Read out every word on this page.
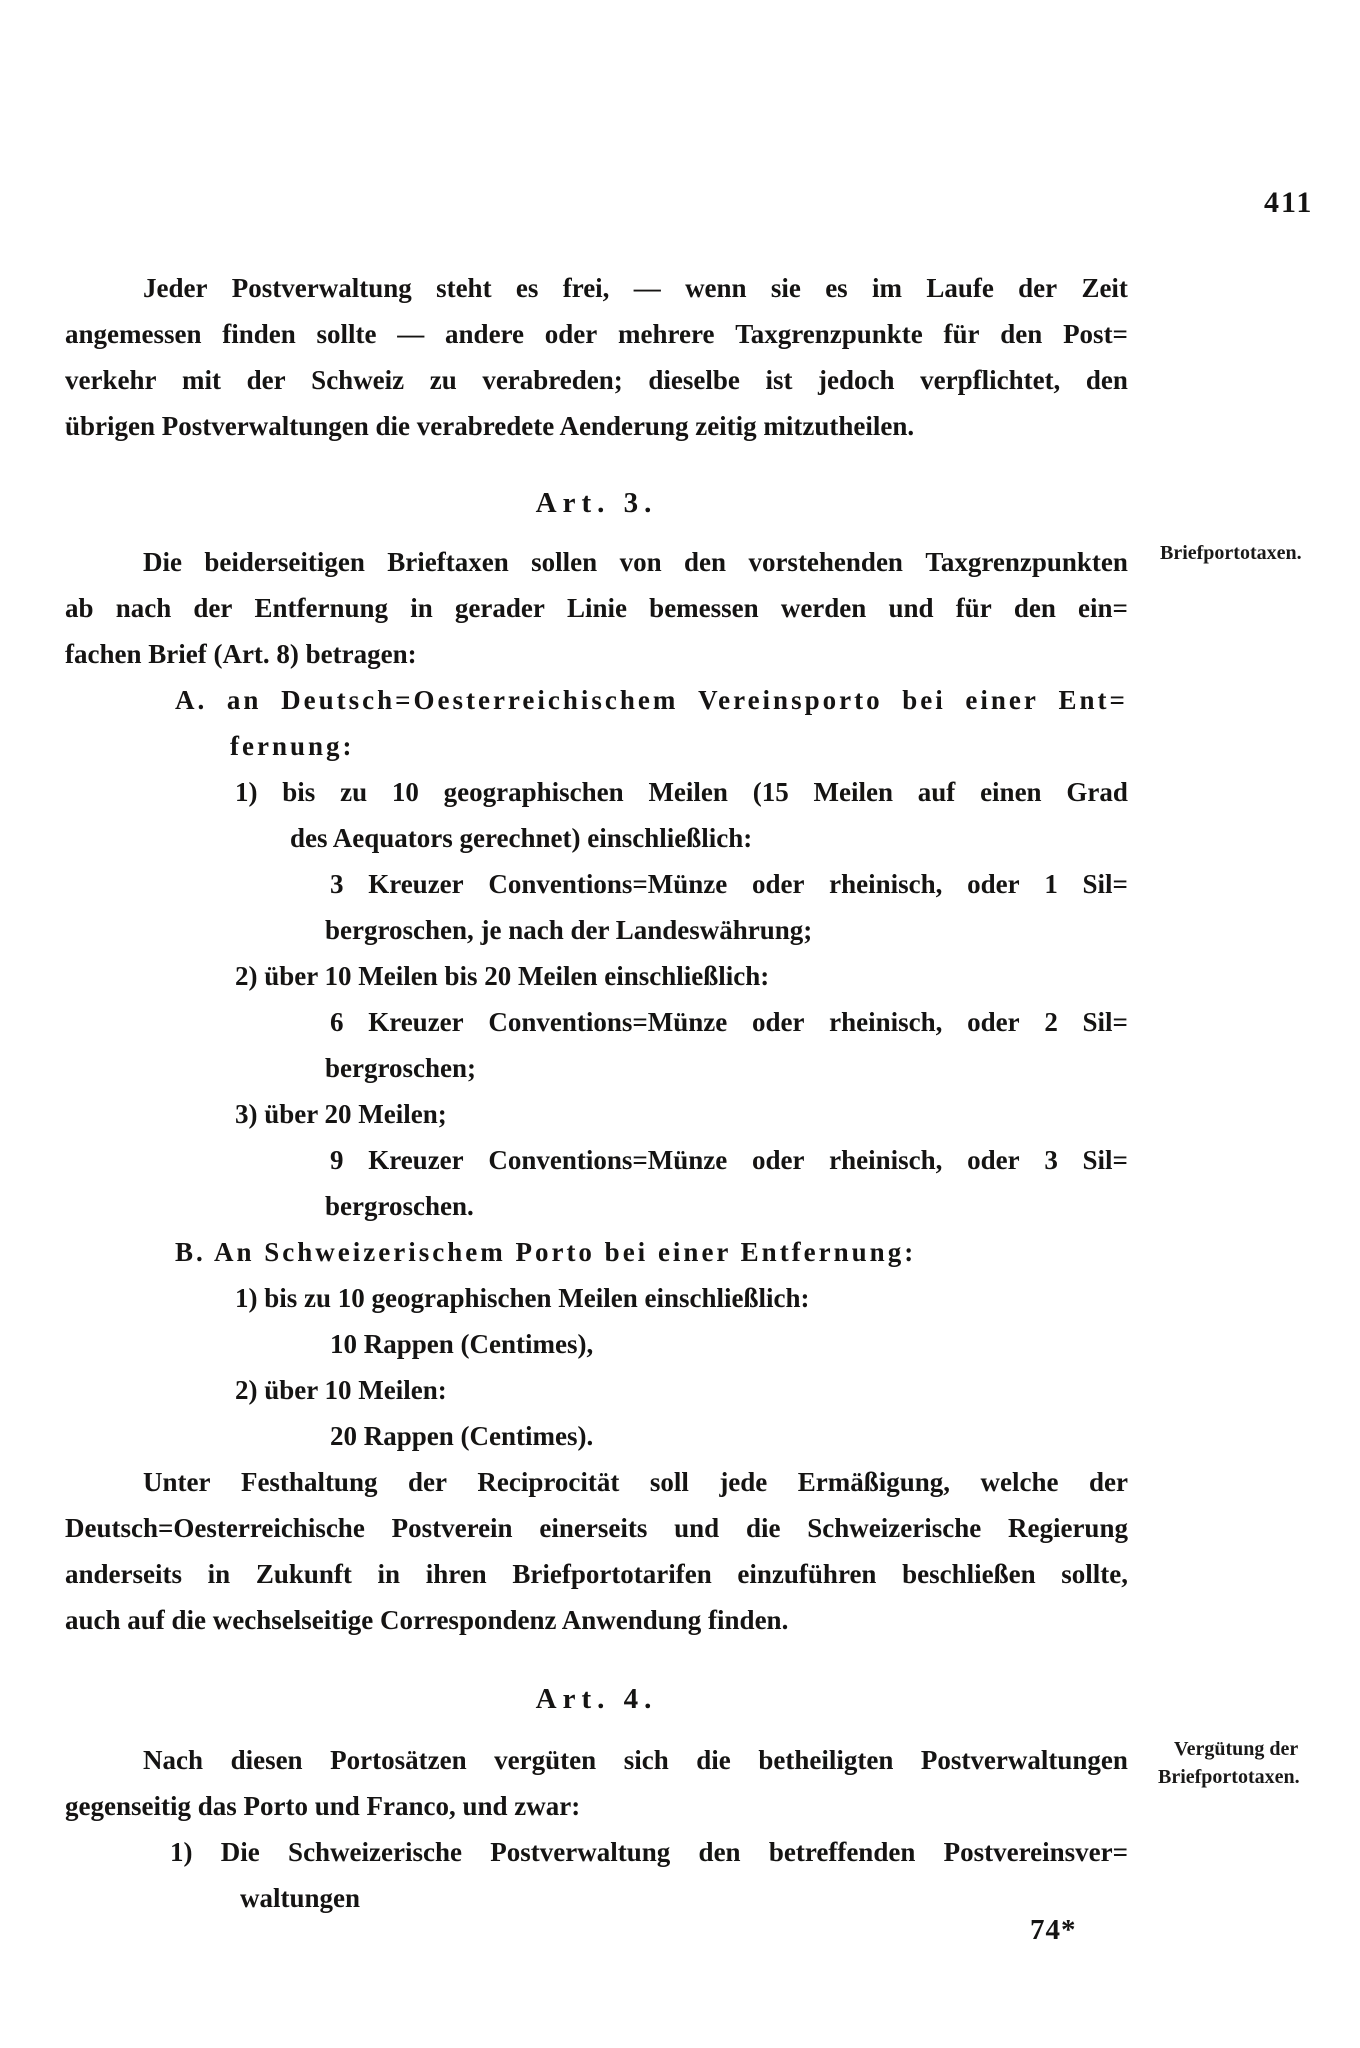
411
Briefportotaxen.
Vergütung der
Briefportotaxen.
74*
Jeder Postverwaltung steht es frei, — wenn sie es im Laufe der Zeit
angemessen finden sollte — andere oder mehrere Taxgrenzpunkte für den Post=
verkehr mit der Schweiz zu verabreden; dieselbe ist jedoch verpflichtet, den
übrigen Postverwaltungen die verabredete Aenderung zeitig mitzutheilen.
Art. 3.
Die beiderseitigen Brieftaxen sollen von den vorstehenden Taxgrenzpunkten
ab nach der Entfernung in gerader Linie bemessen werden und für den ein=
fachen Brief (Art. 8) betragen:
A. an Deutsch=Oesterreichischem Vereinsporto bei einer Ent=
fernung:
1) bis zu 10 geographischen Meilen (15 Meilen auf einen Grad
des Aequators gerechnet) einschließlich:
3 Kreuzer Conventions=Münze oder rheinisch, oder 1 Sil=
bergroschen, je nach der Landeswährung;
2) über 10 Meilen bis 20 Meilen einschließlich:
6 Kreuzer Conventions=Münze oder rheinisch, oder 2 Sil=
bergroschen;
3) über 20 Meilen;
9 Kreuzer Conventions=Münze oder rheinisch, oder 3 Sil=
bergroschen.
B. An Schweizerischem Porto bei einer Entfernung:
1) bis zu 10 geographischen Meilen einschließlich:
10 Rappen (Centimes),
2) über 10 Meilen:
20 Rappen (Centimes).
Unter Festhaltung der Reciprocität soll jede Ermäßigung, welche der
Deutsch=Oesterreichische Postverein einerseits und die Schweizerische Regierung
anderseits in Zukunft in ihren Briefportotarifen einzuführen beschließen sollte,
auch auf die wechselseitige Correspondenz Anwendung finden.
Art. 4.
Nach diesen Portosätzen vergüten sich die betheiligten Postverwaltungen
gegenseitig das Porto und Franco, und zwar:
1) Die Schweizerische Postverwaltung den betreffenden Postvereinsver=
waltungen
